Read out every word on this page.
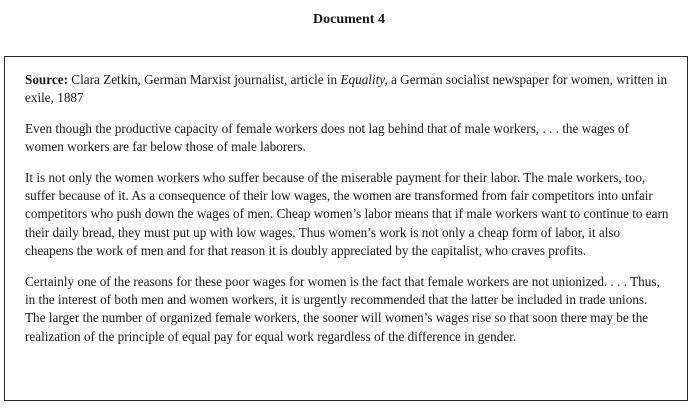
Document 4

Source: Clara Zetkin, German Marxist journalist, article in Equality, a German socialist newspaper for women, written in exile, 1887

Even though the productive capacity of female workers does not lag behind that of male workers, . . . the wages of women workers are far below those of male laborers.

It is not only the women workers who suffer because of the miserable payment for their labor. The male workers, too, suffer because of it. As a consequence of their low wages, the women are transformed from fair competitors into unfair competitors who push down the wages of men. Cheap women’s labor means that if male workers want to continue to earn their daily bread, they must put up with low wages. Thus women’s work is not only a cheap form of labor, it also cheapens the work of men and for that reason it is doubly appreciated by the capitalist, who craves profits.

Certainly one of the reasons for these poor wages for women is the fact that female workers are not unionized. . . . Thus, in the interest of both men and women workers, it is urgently recommended that the latter be included in trade unions. The larger the number of organized female workers, the sooner will women’s wages rise so that soon there may be the realization of the principle of equal pay for equal work regardless of the difference in gender.
